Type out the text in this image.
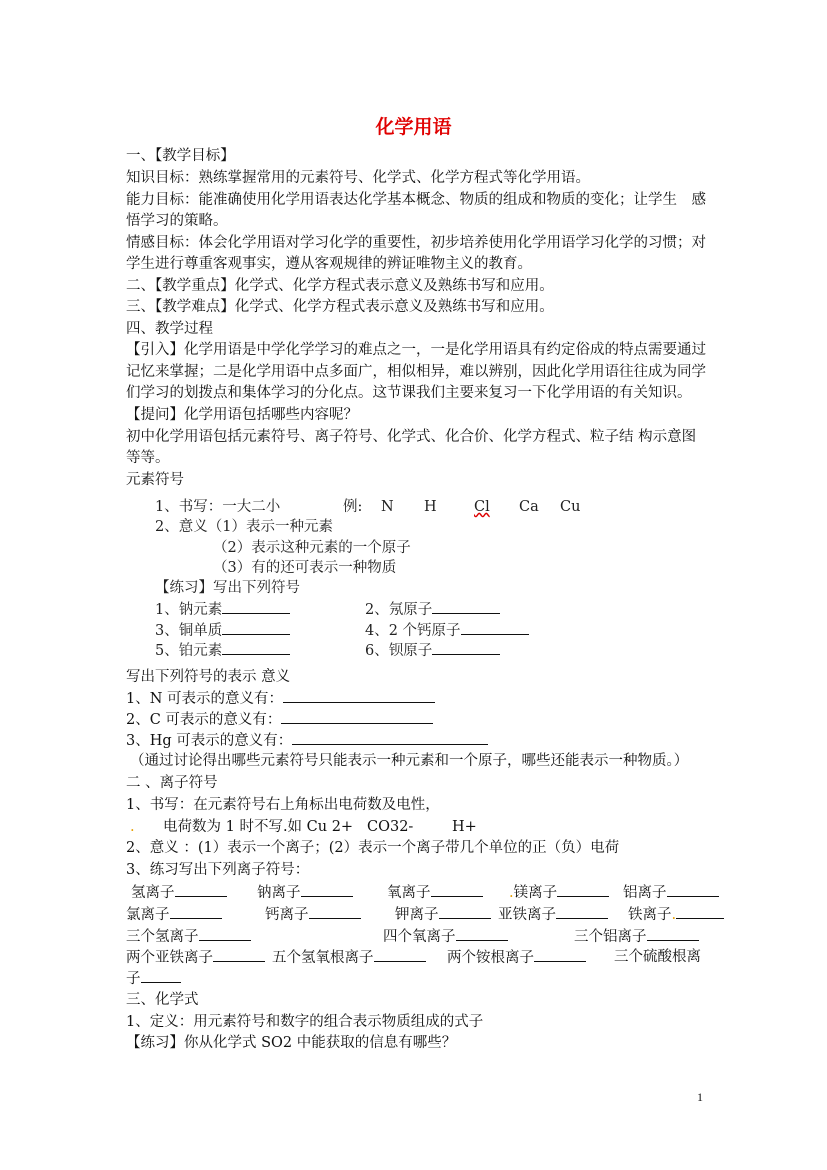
化学用语
一、【教学目标】
知识目标：熟练掌握常用的元素符号、化学式、化学方程式等化学用语。
能力目标：能准确使用化学用语表达化学基本概念、物质的组成和物质的变化；让学生　感
悟学习的策略。
情感目标：体会化学用语对学习化学的重要性，初步培养使用化学用语学习化学的习惯；对
学生进行尊重客观事实，遵从客观规律的辨证唯物主义的教育。
二、【教学重点】化学式、化学方程式表示意义及熟练书写和应用。
三、【教学难点】化学式、化学方程式表示意义及熟练书写和应用。
四、教学过程
【引入】化学用语是中学化学学习的难点之一，一是化学用语具有约定俗成的特点需要通过
记忆来掌握；二是化学用语中点多面广，相似相异，难以辨别，因此化学用语往往成为同学
们学习的划拨点和集体学习的分化点。这节课我们主要来复习一下化学用语的有关知识。
【提问】化学用语包括哪些内容呢？
初中化学用语包括元素符号、离子符号、化学式、化合价、化学方程式、粒子结 构示意图
等等。
元素符号
1、书写：一大二小	例: N H	Cl Ca Cu
2、意义（1）表示一种元素
（2）表示这种元素的一个原子
（3）有的还可表示一种物质
【练习】写出下列符号
1、钠元素	2、氖原子
3、铜单质	4、2 个钙原子
5、铂元素	6、钡原子
写出下列符号的表示 意义
1、N 可表示的意义有：
2、C 可表示的意义有：
3、Hg 可表示的意义有：
（通过讨论得出哪些元素符号只能表示一种元素和一个原子，哪些还能表示一种物质。）
二 、离子符号
1、书写：在元素符号右上角标出电荷数及电性，
. 电荷数为 1 时不写.如 Cu 2+ CO32-	H+
2、意义 ：(1）表示一个离子；(2）表示一个离子带几个单位的正（负）电荷
3、练习写出下列离子符号：
氢离子	钠离子	氧离子	.镁离子	铝离子
氯离子	钙离子	钾离子	亚铁离子	铁离子.
三个氢离子	四个氧离子	三个铝离子
两个亚铁离子	五个氢氧根离子	两个铵根离子	三个硫酸根离
子
三、化学式
1、定义：用元素符号和数字的组合表示物质组成的式子
【练习】你从化学式 SO2 中能获取的信息有哪些？
1
